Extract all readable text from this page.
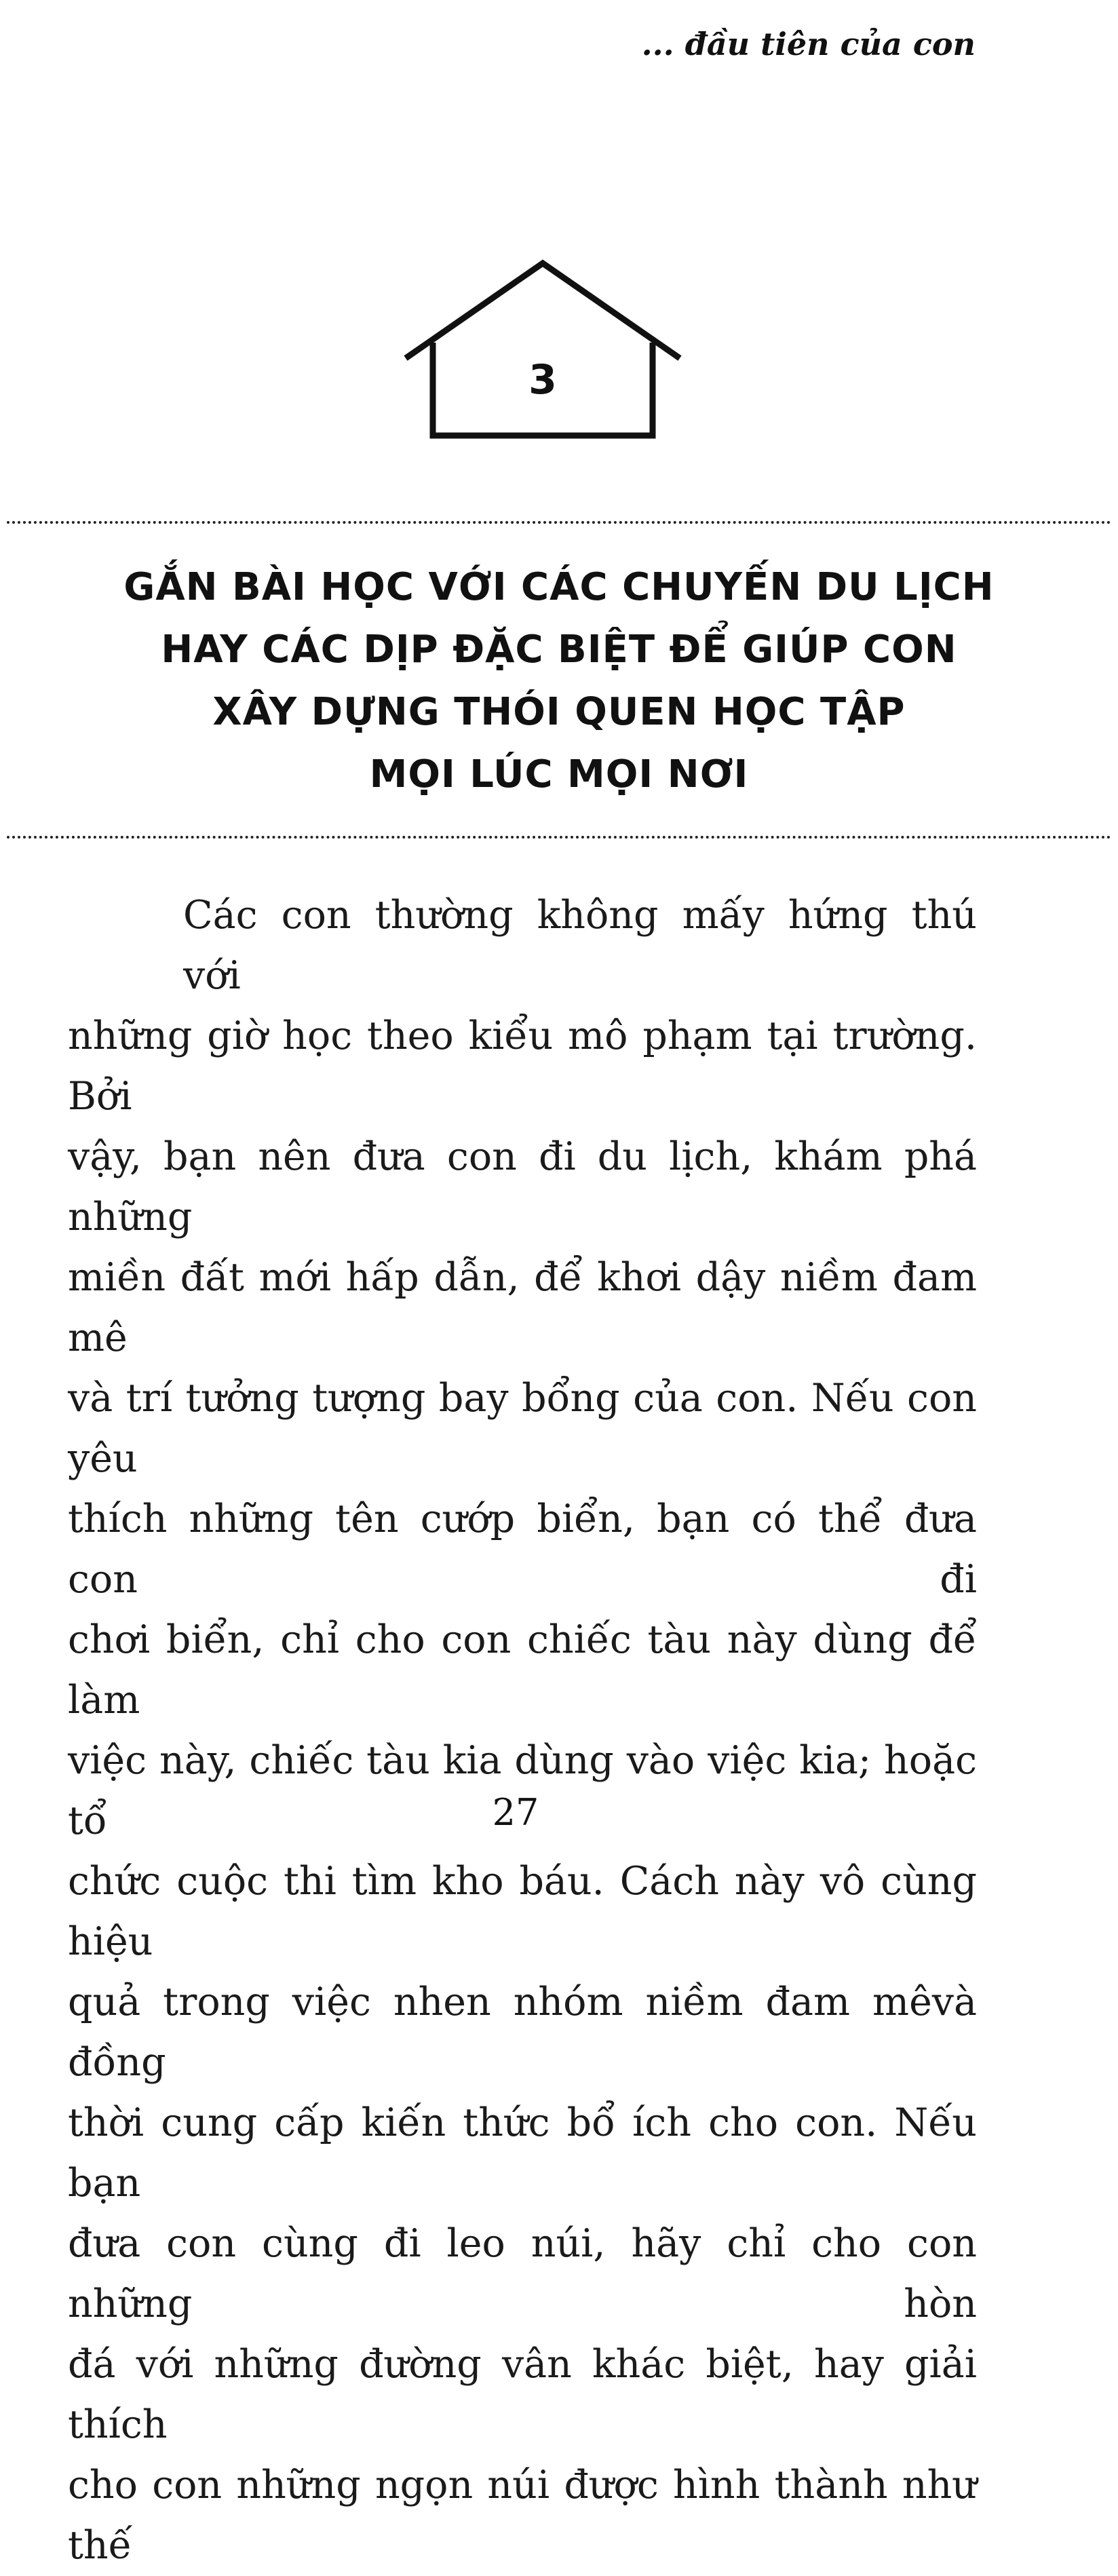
... đầu tiên của con
3
GẮN BÀI HỌC VỚI CÁC CHUYẾN DU LỊCH
HAY CÁC DỊP ĐẶC BIỆT ĐỂ GIÚP CON
XÂY DỰNG THÓI QUEN HỌC TẬP
MỌI LÚC MỌI NƠI
Các con thường không mấy hứng thú với
những giờ học theo kiểu mô phạm tại trường. Bởi
vậy, bạn nên đưa con đi du lịch, khám phá những
miền đất mới hấp dẫn, để khơi dậy niềm đam mê
và trí tưởng tượng bay bổng của con. Nếu con yêu
thích những tên cướp biển, bạn có thể đưa con đi
chơi biển, chỉ cho con chiếc tàu này dùng để làm
việc này, chiếc tàu kia dùng vào việc kia; hoặc tổ
chức cuộc thi tìm kho báu. Cách này vô cùng hiệu
quả trong việc nhen nhóm niềm đam mêvà đồng
thời cung cấp kiến thức bổ ích cho con. Nếu bạn
đưa con cùng đi leo núi, hãy chỉ cho con những hòn
đá với những đường vân khác biệt, hay giải thích
cho con những ngọn núi được hình thành như thế
27
